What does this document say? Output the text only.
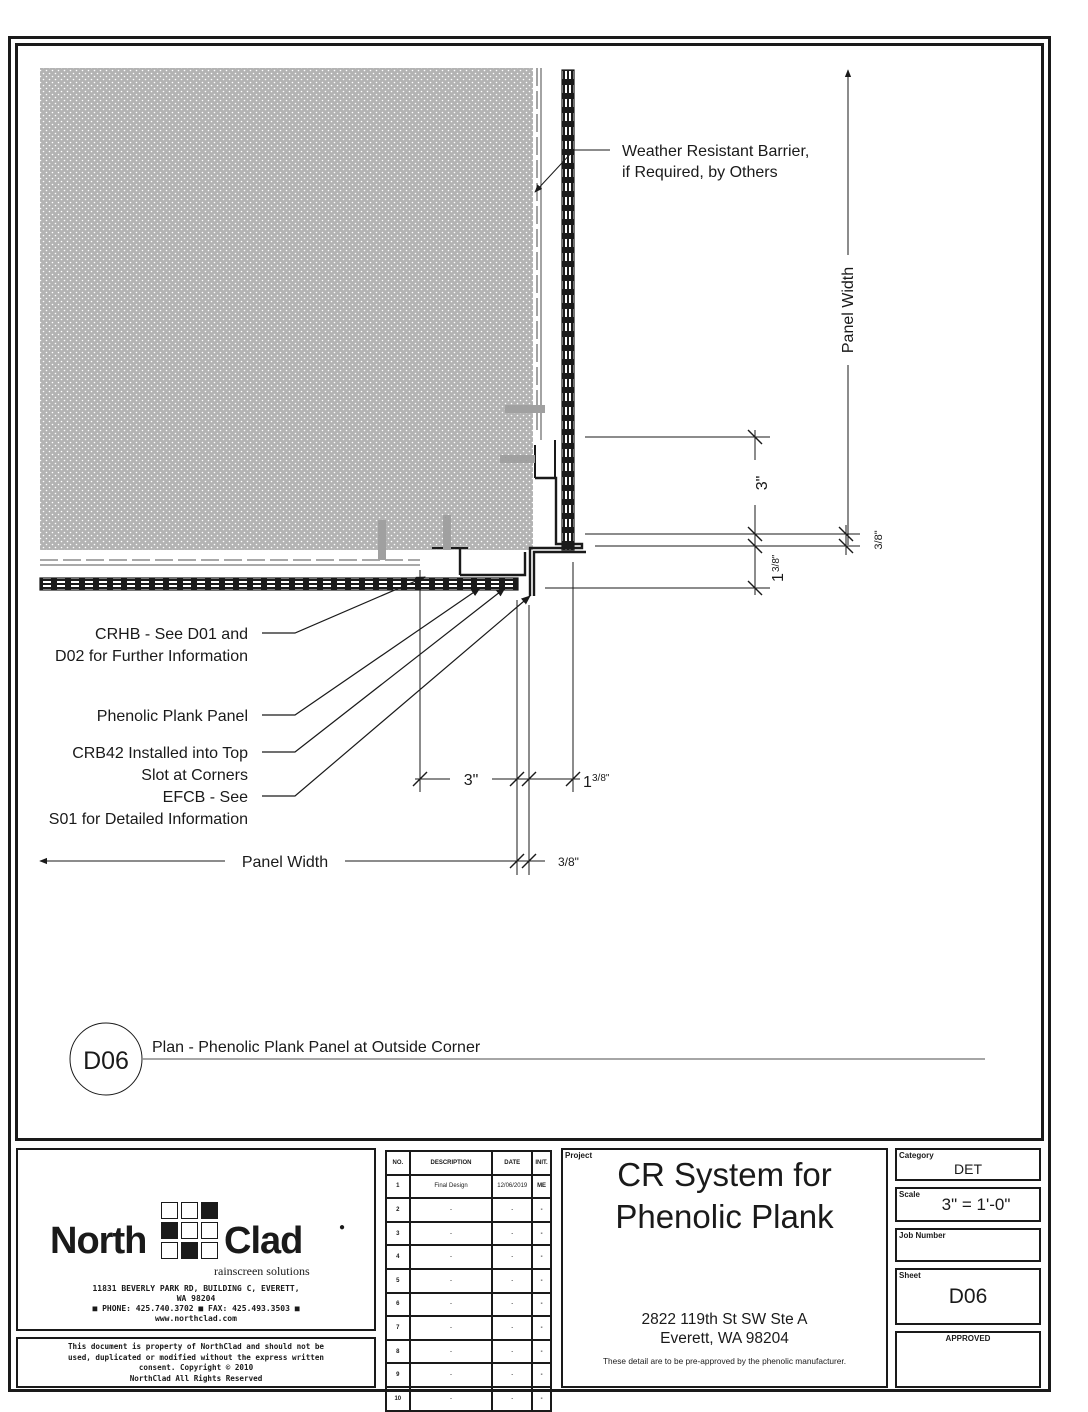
Weather Resistant Barrier,
if Required, by Others
Panel Width
3"
1
3/8"
3/8"
3"	1 3/8"
Panel Width	3/8"
CRHB - See D01 and
D02 for Further Information
Phenolic Plank Panel
CRB42 Installed into Top
Slot at Corners
EFCB - See
S01 for Detailed Information
D06 Plan - Phenolic Plank Panel at Outside Corner
North Clad	●
rainscreen solutions
11831 BEVERLY PARK RD, BUILDING C, EVERETT,
WA 98204
■ PHONE: 425.740.3702 ■ FAX: 425.493.3503 ■
www.northclad.com
This document is property of NorthClad and should not be
used, duplicated or modified without the express written
consent. Copyright © 2010
NorthClad All Rights Reserved
NO.	DESCRIPTION	DATE	INIT.
1	Final Design	12/06/2019	ME
2	-	-	-
3	-	-	-
4	-	-	-
5	-	-	-
6	-	-	-
7	-	-	-
8	-	-	-
9	-	-	-
10	-	-	-
Project
CR System for
Phenolic Plank
2822 119th St SW Ste A
Everett, WA 98204
These detail are to be pre-approved by the phenolic manufacturer.
Category
DET
Scale
3" = 1'-0"
Job Number
Sheet
D06
APPROVED
